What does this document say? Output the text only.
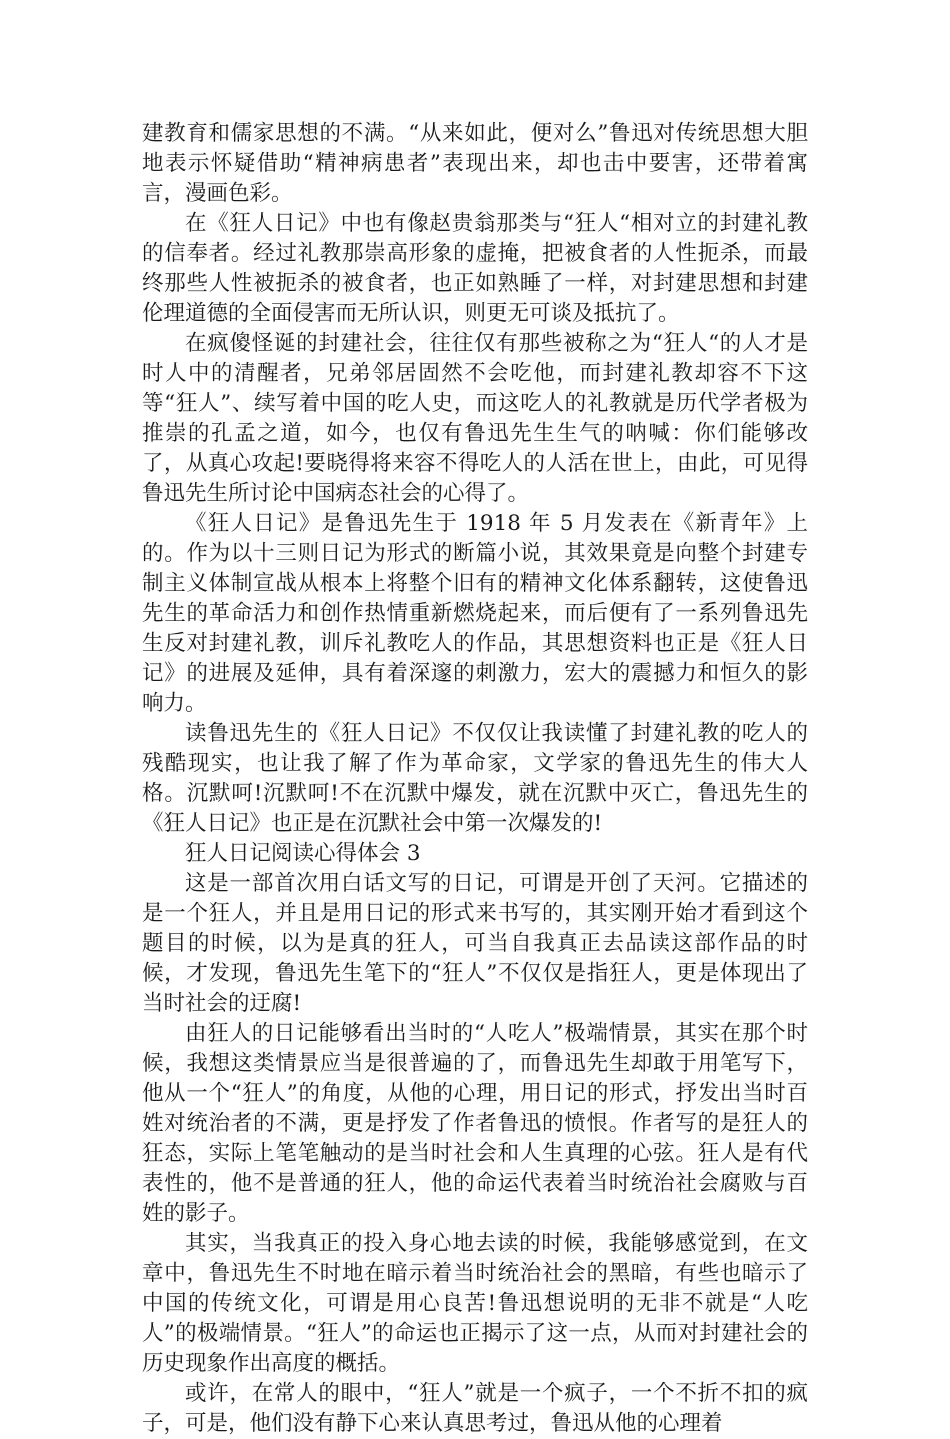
建教育和儒家思想的不满。“从来如此，便对么”鲁迅对传统思想大胆地表示怀疑借助“精神病患者”表现出来，却也击中要害，还带着寓言，漫画色彩。

在《狂人日记》中也有像赵贵翁那类与“狂人“相对立的封建礼教的信奉者。经过礼教那崇高形象的虚掩，把被食者的人性扼杀，而最终那些人性被扼杀的被食者，也正如熟睡了一样，对封建思想和封建伦理道德的全面侵害而无所认识，则更无可谈及抵抗了。

在疯傻怪诞的封建社会，往往仅有那些被称之为“狂人“的人才是时人中的清醒者，兄弟邻居固然不会吃他，而封建礼教却容不下这等“狂人”、续写着中国的吃人史，而这吃人的礼教就是历代学者极为推崇的孔孟之道，如今，也仅有鲁迅先生生气的呐喊：你们能够改了，从真心攻起!要晓得将来容不得吃人的人活在世上，由此，可见得鲁迅先生所讨论中国病态社会的心得了。

《狂人日记》是鲁迅先生于 1918 年 5 月发表在《新青年》上的。作为以十三则日记为形式的断篇小说，其效果竟是向整个封建专制主义体制宣战从根本上将整个旧有的精神文化体系翻转，这使鲁迅先生的革命活力和创作热情重新燃烧起来，而后便有了一系列鲁迅先生反对封建礼教，训斥礼教吃人的作品，其思想资料也正是《狂人日记》的进展及延伸，具有着深邃的刺激力，宏大的震撼力和恒久的影响力。

读鲁迅先生的《狂人日记》不仅仅让我读懂了封建礼教的吃人的残酷现实，也让我了解了作为革命家，文学家的鲁迅先生的伟大人格。沉默呵!沉默呵!不在沉默中爆发，就在沉默中灭亡，鲁迅先生的《狂人日记》也正是在沉默社会中第一次爆发的!

狂人日记阅读心得体会 3

这是一部首次用白话文写的日记，可谓是开创了天河。它描述的是一个狂人，并且是用日记的形式来书写的，其实刚开始才看到这个题目的时候，以为是真的狂人，可当自我真正去品读这部作品的时候，才发现，鲁迅先生笔下的“狂人”不仅仅是指狂人，更是体现出了当时社会的迂腐!

由狂人的日记能够看出当时的“人吃人”极端情景，其实在那个时候，我想这类情景应当是很普遍的了，而鲁迅先生却敢于用笔写下，他从一个“狂人”的角度，从他的心理，用日记的形式，抒发出当时百姓对统治者的不满，更是抒发了作者鲁迅的愤恨。作者写的是狂人的狂态，实际上笔笔触动的是当时社会和人生真理的心弦。狂人是有代表性的，他不是普通的狂人，他的命运代表着当时统治社会腐败与百姓的影子。

其实，当我真正的投入身心地去读的时候，我能够感觉到，在文章中，鲁迅先生不时地在暗示着当时统治社会的黑暗，有些也暗示了中国的传统文化，可谓是用心良苦!鲁迅想说明的无非不就是“人吃人”的极端情景。“狂人”的命运也正揭示了这一点，从而对封建社会的历史现象作出高度的概括。

或许，在常人的眼中，“狂人”就是一个疯子，一个不折不扣的疯子，可是，他们没有静下心来认真思考过，鲁迅从他的心理着
